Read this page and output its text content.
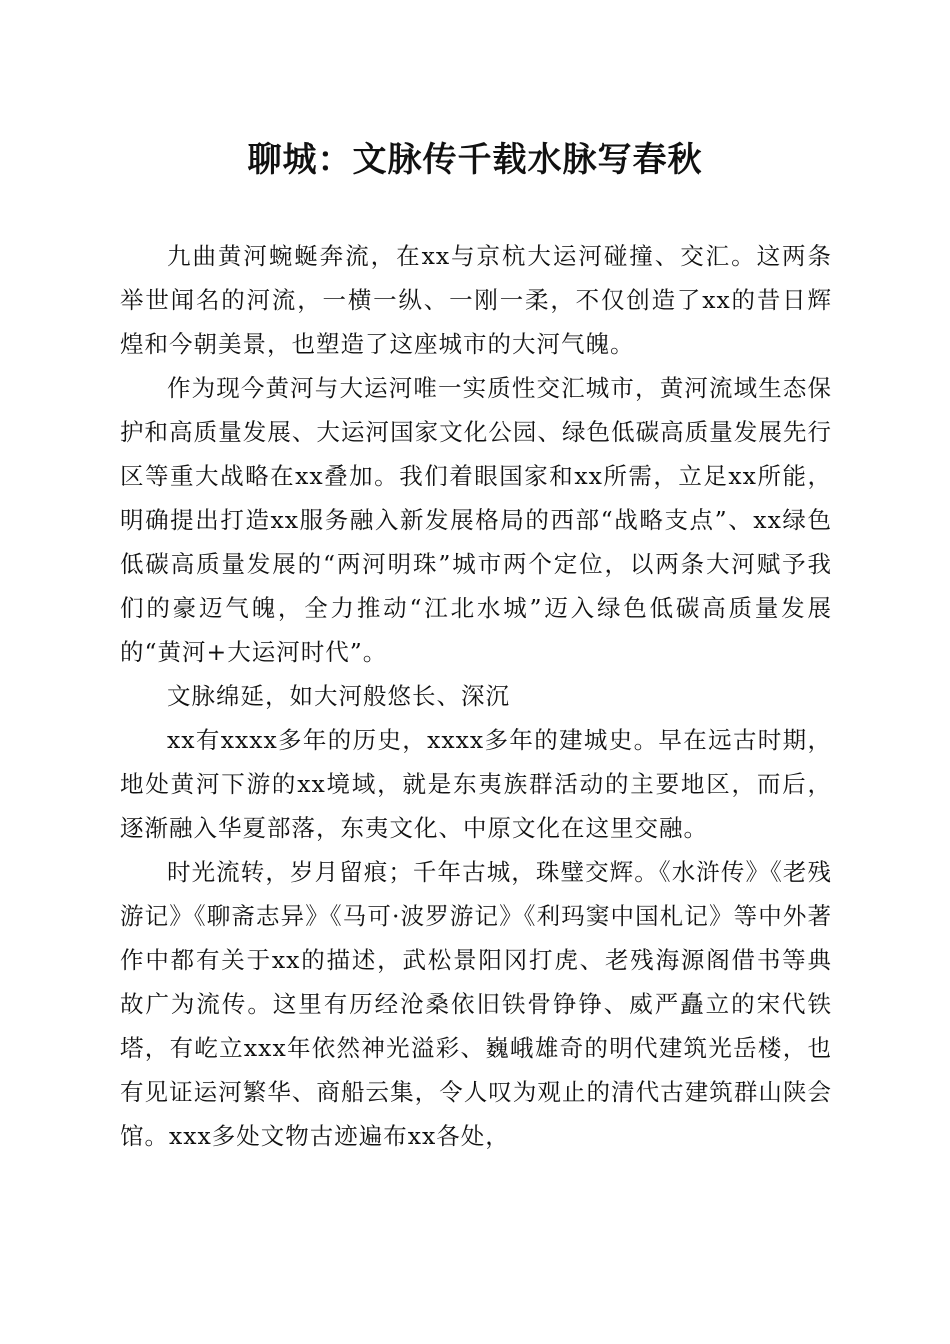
聊城：文脉传千载水脉写春秋

九曲黄河蜿蜒奔流，在xx与京杭大运河碰撞、交汇。这两条举世闻名的河流，一横一纵、一刚一柔，不仅创造了xx的昔日辉煌和今朝美景，也塑造了这座城市的大河气魄。

作为现今黄河与大运河唯一实质性交汇城市，黄河流域生态保护和高质量发展、大运河国家文化公园、绿色低碳高质量发展先行区等重大战略在xx叠加。我们着眼国家和xx所需，立足xx所能，明确提出打造xx服务融入新发展格局的西部“战略支点”、xx绿色低碳高质量发展的“两河明珠”城市两个定位，以两条大河赋予我们的豪迈气魄，全力推动“江北水城”迈入绿色低碳高质量发展的“黄河+大运河时代”。

文脉绵延，如大河般悠长、深沉

xx有xxxx多年的历史，xxxx多年的建城史。早在远古时期，地处黄河下游的xx境域，就是东夷族群活动的主要地区，而后，逐渐融入华夏部落，东夷文化、中原文化在这里交融。

时光流转，岁月留痕；千年古城，珠璧交辉。《水浒传》《老残游记》《聊斋志异》《马可·波罗游记》《利玛窦中国札记》等中外著作中都有关于xx的描述，武松景阳冈打虎、老残海源阁借书等典故广为流传。这里有历经沧桑依旧铁骨铮铮、威严矗立的宋代铁塔，有屹立xxx年依然神光溢彩、巍峨雄奇的明代建筑光岳楼，也有见证运河繁华、商船云集，令人叹为观止的清代古建筑群山陕会馆。xxx多处文物古迹遍布xx各处，
